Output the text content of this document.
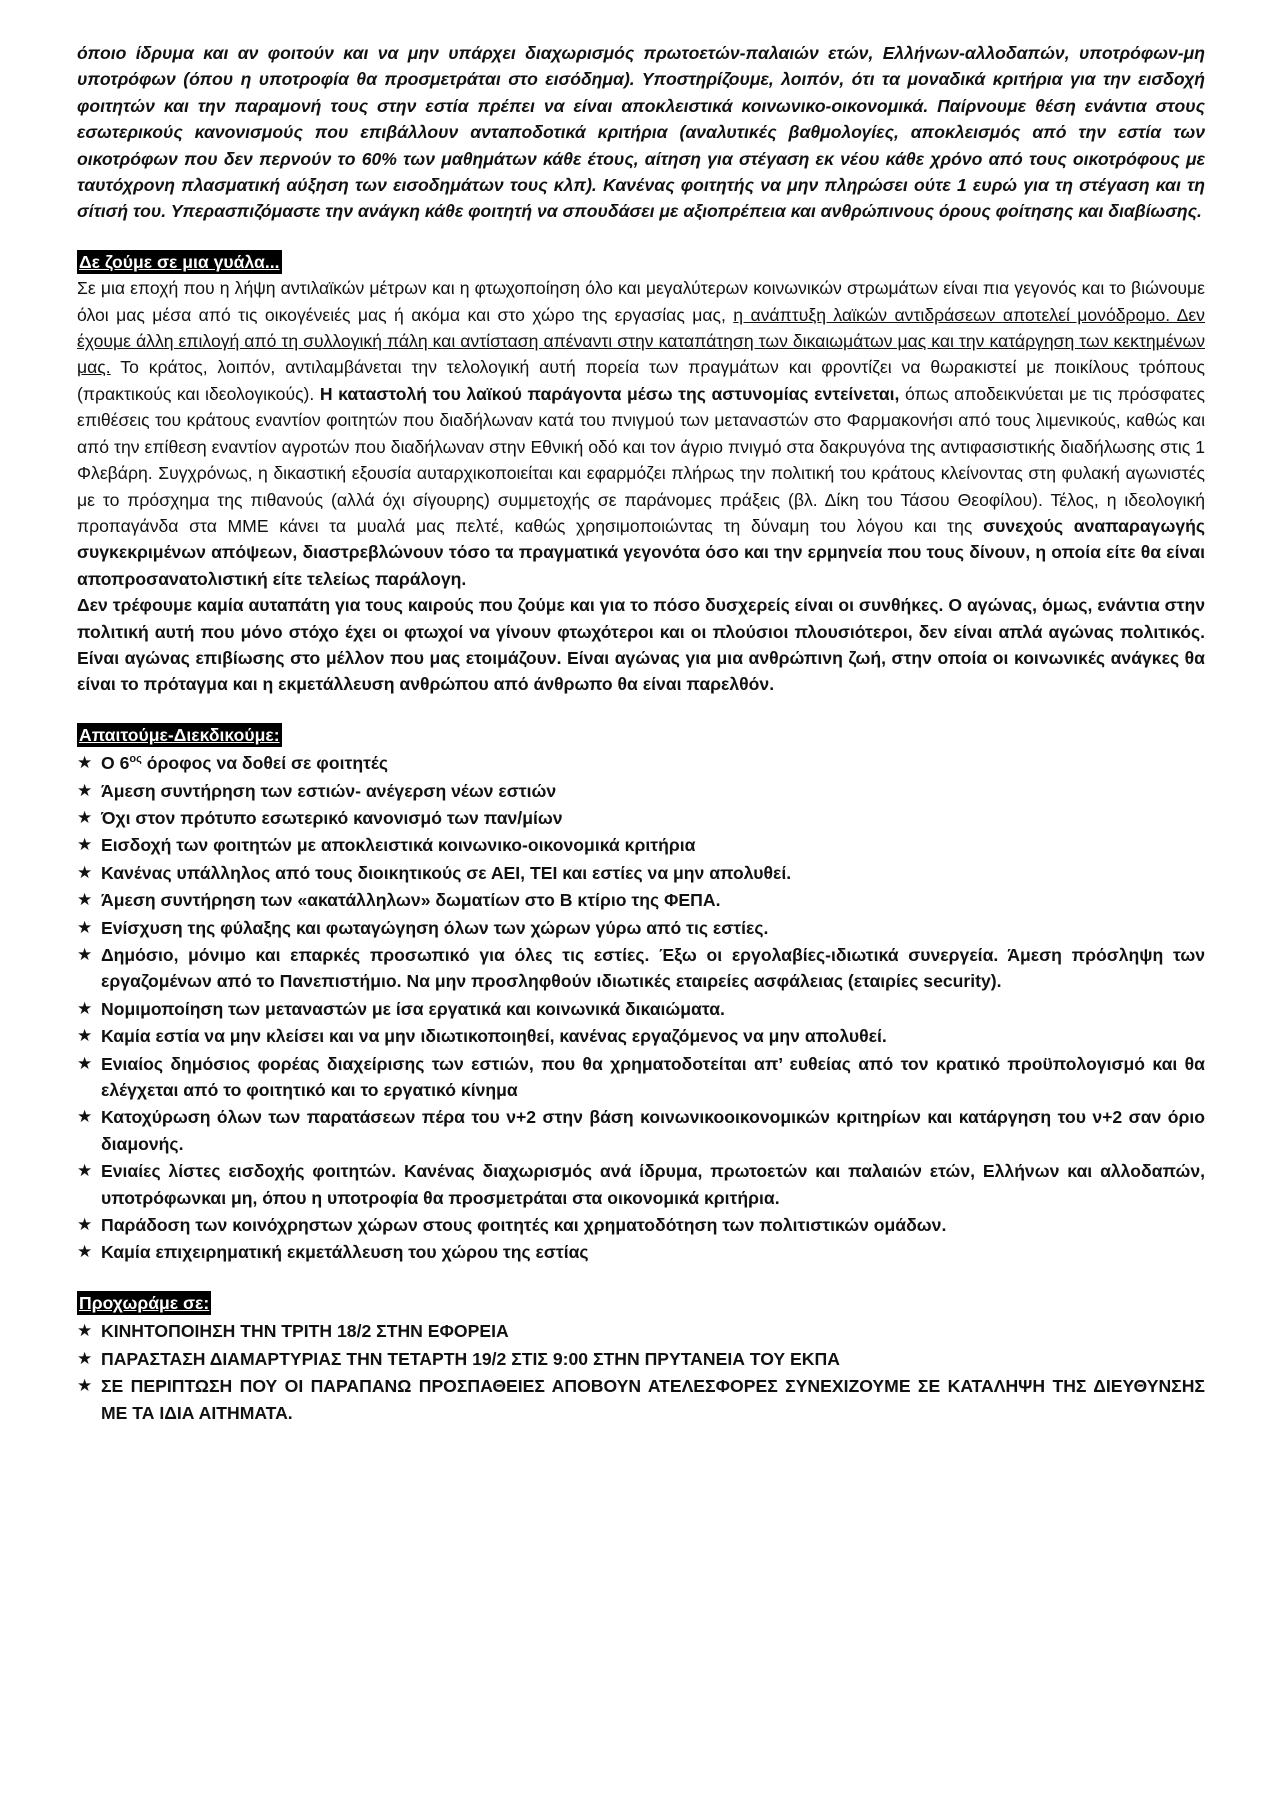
όποιο ίδρυμα και αν φοιτούν και να μην υπάρχει διαχωρισμός πρωτοετών-παλαιών ετών, Ελλήνων-αλλοδαπών, υποτρόφων-μη υποτρόφων (όπου η υποτροφία θα προσμετράται στο εισόδημα). Υποστηρίζουμε, λοιπόν, ότι τα μοναδικά κριτήρια για την εισδοχή φοιτητών και την παραμονή τους στην εστία πρέπει να είναι αποκλειστικά κοινωνικο-οικονομικά. Παίρνουμε θέση ενάντια στους εσωτερικούς κανονισμούς που επιβάλλουν ανταποδοτικά κριτήρια (αναλυτικές βαθμολογίες, αποκλεισμός από την εστία των οικοτρόφων που δεν περνούν το 60% των μαθημάτων κάθε έτους, αίτηση για στέγαση εκ νέου κάθε χρόνο από τους οικοτρόφους με ταυτόχρονη πλασματική αύξηση των εισοδημάτων τους κλπ). Κανένας φοιτητής να μην πληρώσει ούτε 1 ευρώ για τη στέγαση και τη σίτισή του. Υπερασπιζόμαστε την ανάγκη κάθε φοιτητή να σπουδάσει με αξιοπρέπεια και ανθρώπινους όρους φοίτησης και διαβίωσης.

Δε ζούμε σε μια γυάλα...

Σε μια εποχή που η λήψη αντιλαϊκών μέτρων και η φτωχοποίηση όλο και μεγαλύτερων κοινωνικών στρωμάτων είναι πια γεγονός και το βιώνουμε όλοι μας μέσα από τις οικογένειές μας ή ακόμα και στο χώρο της εργασίας μας, η ανάπτυξη λαϊκών αντιδράσεων αποτελεί μονόδρομο. Δεν έχουμε άλλη επιλογή από τη συλλογική πάλη και αντίσταση απέναντι στην καταπάτηση των δικαιωμάτων μας και την κατάργηση των κεκτημένων μας. Το κράτος, λοιπόν, αντιλαμβάνεται την τελολογική αυτή πορεία των πραγμάτων και φροντίζει να θωρακιστεί με ποικίλους τρόπους (πρακτικούς και ιδεολογικούς). Η καταστολή του λαϊκού παράγοντα μέσω της αστυνομίας εντείνεται, όπως αποδεικνύεται με τις πρόσφατες επιθέσεις του κράτους εναντίον φοιτητών που διαδήλωναν κατά του πνιγμού των μεταναστών στο Φαρμακονήσι από τους λιμενικούς, καθώς και από την επίθεση εναντίον αγροτών που διαδήλωναν στην Εθνική οδό και τον άγριο πνιγμό στα δακρυγόνα της αντιφασιστικής διαδήλωσης στις 1 Φλεβάρη. Συγχρόνως, η δικαστική εξουσία αυταρχικοποιείται και εφαρμόζει πλήρως την πολιτική του κράτους κλείνοντας στη φυλακή αγωνιστές με το πρόσχημα της πιθανούς (αλλά όχι σίγουρης) συμμετοχής σε παράνομες πράξεις (βλ. Δίκη του Τάσου Θεοφίλου). Τέλος, η ιδεολογική προπαγάνδα στα ΜΜΕ κάνει τα μυαλά μας πελτέ, καθώς χρησιμοποιώντας τη δύναμη του λόγου και της συνεχούς αναπαραγωγής συγκεκριμένων απόψεων, διαστρεβλώνουν τόσο τα πραγματικά γεγονότα όσο και την ερμηνεία που τους δίνουν, η οποία είτε θα είναι αποπροσανατολιστική είτε τελείως παράλογη.

Δεν τρέφουμε καμία αυταπάτη για τους καιρούς που ζούμε και για το πόσο δυσχερείς είναι οι συνθήκες. Ο αγώνας, όμως, ενάντια στην πολιτική αυτή που μόνο στόχο έχει οι φτωχοί να γίνουν φτωχότεροι και οι πλούσιοι πλουσιότεροι, δεν είναι απλά αγώνας πολιτικός. Είναι αγώνας επιβίωσης στο μέλλον που μας ετοιμάζουν. Είναι αγώνας για μια ανθρώπινη ζωή, στην οποία οι κοινωνικές ανάγκες θα είναι το πρόταγμα και η εκμετάλλευση ανθρώπου από άνθρωπο θα είναι παρελθόν.

Απαιτούμε-Διεκδικούμε:
★ Ο $6^{o\varsigma}$ όροφος να δοθεί σε φοιτητές
★ Άμεση συντήρηση των εστιών- ανέγερση νέων εστιών
★ Όχι στον πρότυπο εσωτερικό κανονισμό των παν/μίων
★ Εισδοχή των φοιτητών με αποκλειστικά κοινωνικο-οικονομικά κριτήρια
★ Κανένας υπάλληλος από τους διοικητικούς σε ΑΕΙ, ΤΕΙ και εστίες να μην απολυθεί.
★ Άμεση συντήρηση των «ακατάλληλων» δωματίων στο Β κτίριο της ΦΕΠΑ.
★ Ενίσχυση της φύλαξης και φωταγώγηση όλων των χώρων γύρω από τις εστίες.
★ Δημόσιο, μόνιμο και επαρκές προσωπικό για όλες τις εστίες. Έξω οι εργολαβίες-ιδιωτικά συνεργεία. Άμεση πρόσληψη των εργαζομένων από το Πανεπιστήμιο. Να μην προσληφθούν ιδιωτικές εταιρείες ασφάλειας (εταιρίες security).
★ Νομιμοποίηση των μεταναστών με ίσα εργατικά και κοινωνικά δικαιώματα.
★ Καμία εστία να μην κλείσει και να μην ιδιωτικοποιηθεί, κανένας εργαζόμενος να μην απολυθεί.
★ Ενιαίος δημόσιος φορέας διαχείρισης των εστιών, που θα χρηματοδοτείται απ’ ευθείας από τον κρατικό προϋπολογισμό και θα ελέγχεται από το φοιτητικό και το εργατικό κίνημα
★ Κατοχύρωση όλων των παρατάσεων πέρα του ν+2 στην βάση κοινωνικοοικονομικών κριτηρίων και κατάργηση του ν+2 σαν όριο διαμονής.
★ Ενιαίες λίστες εισδοχής φοιτητών. Κανένας διαχωρισμός ανά ίδρυμα, πρωτοετών και παλαιών ετών, Ελλήνων και αλλοδαπών, υποτρόφωνκαι μη, όπου η υποτροφία θα προσμετράται στα οικονομικά κριτήρια.
★ Παράδοση των κοινόχρηστων χώρων στους φοιτητές και χρηματοδότηση των πολιτιστικών ομάδων.
★ Καμία επιχειρηματική εκμετάλλευση του χώρου της εστίας
Προχωράμε σε:
★ ΚΙΝΗΤΟΠΟΙΗΣΗ ΤΗΝ ΤΡΙΤΗ 18/2 ΣΤΗΝ ΕΦΟΡΕΙΑ
★ ΠΑΡΑΣΤΑΣΗ ΔΙΑΜΑΡΤΥΡΙΑΣ ΤΗΝ ΤΕΤΑΡΤΗ 19/2 ΣΤΙΣ 9:00 ΣΤΗΝ ΠΡΥΤΑΝΕΙΑ ΤΟΥ ΕΚΠΑ
★ ΣΕ ΠΕΡΙΠΤΩΣΗ ΠΟΥ ΟΙ ΠΑΡΑΠΑΝΩ ΠΡΟΣΠΑΘΕΙΕΣ ΑΠΟΒΟΥΝ ΑΤΕΛΕΣΦΟΡΕΣ ΣΥΝΕΧΙΖΟΥΜΕ ΣΕ ΚΑΤΑΛΗΨΗ ΤΗΣ ΔΙΕΥΘΥΝΣΗΣ ΜΕ ΤΑ ΙΔΙΑ ΑΙΤΗΜΑΤΑ.
